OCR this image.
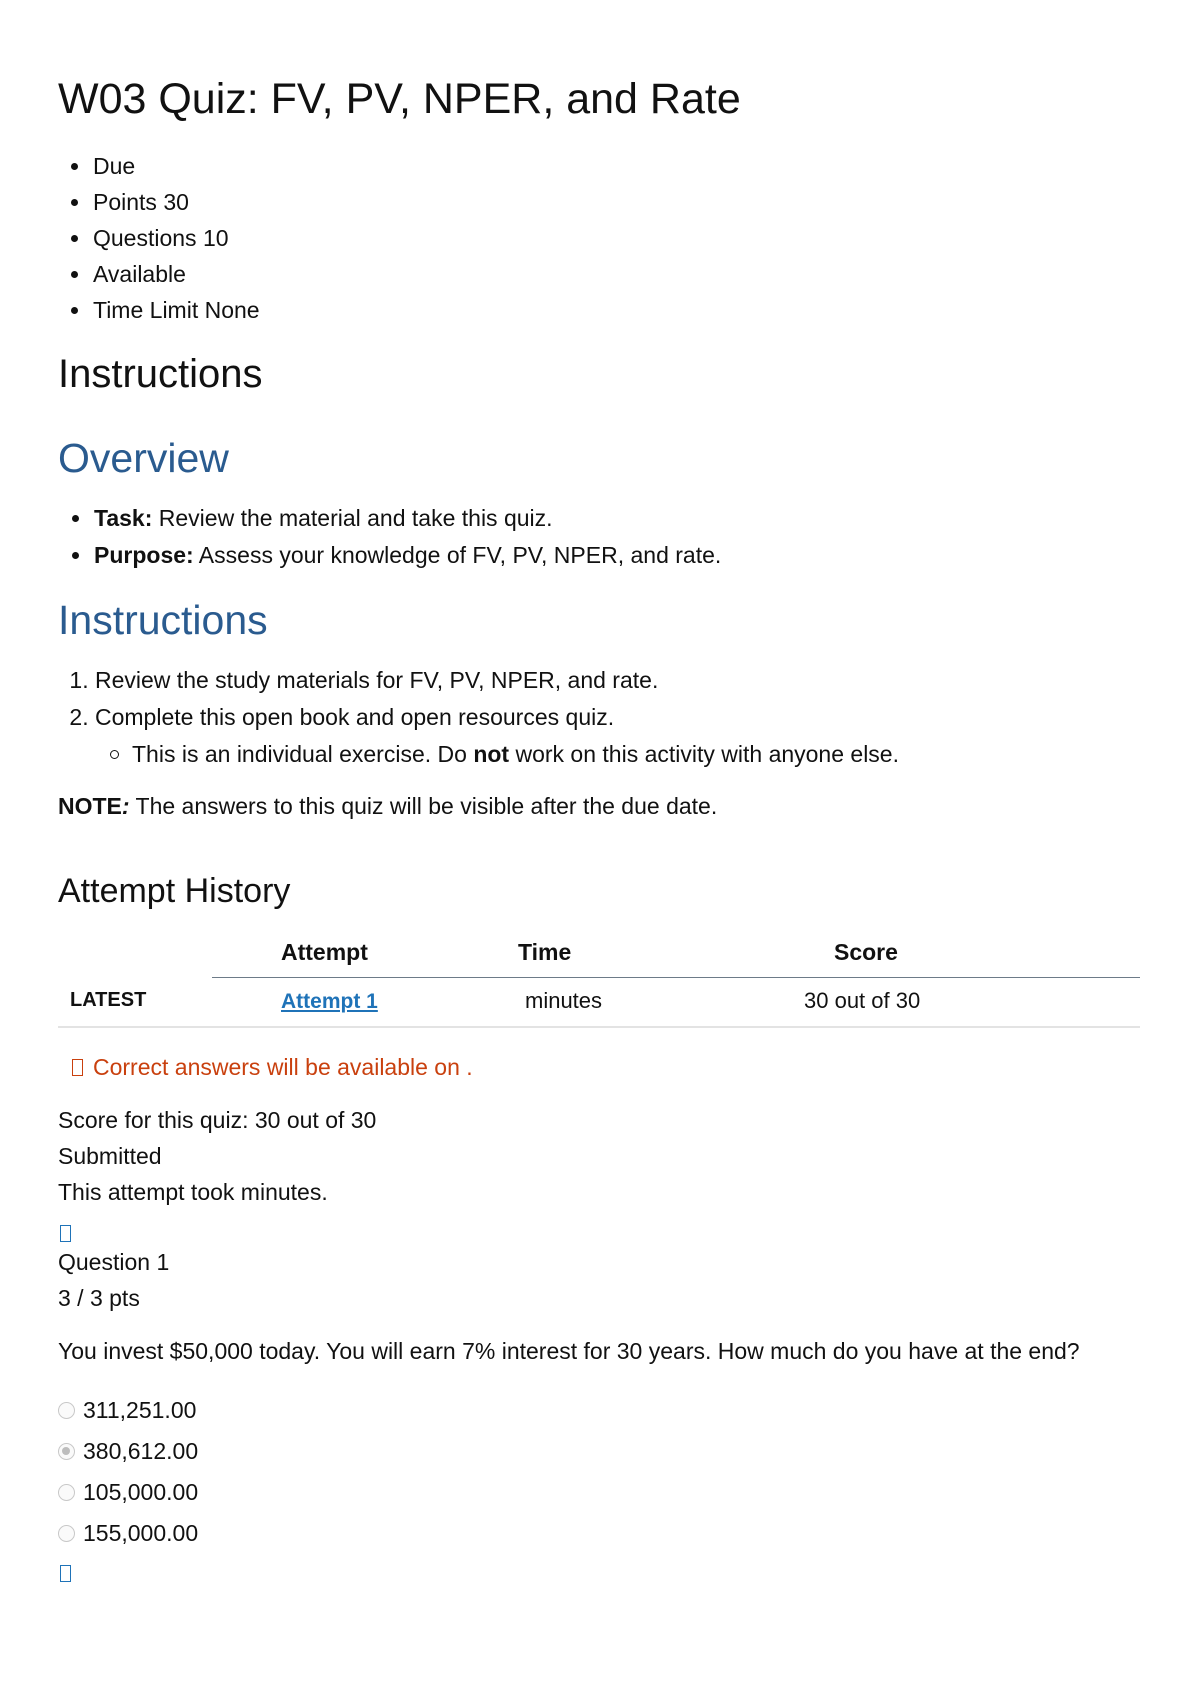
W03 Quiz: FV, PV, NPER, and Rate
Due
Points 30
Questions 10
Available
Time Limit None
Instructions
Overview
Task: Review the material and take this quiz.
Purpose: Assess your knowledge of FV, PV, NPER, and rate.
Instructions
1. Review the study materials for FV, PV, NPER, and rate.
2. Complete this open book and open resources quiz.
This is an individual exercise. Do not work on this activity with anyone else.
NOTE: The answers to this quiz will be visible after the due date.
Attempt History
	Attempt	Time	Score
LATEST	Attempt 1	minutes	30 out of 30
Correct answers will be available on .
Score for this quiz: 30 out of 30
Submitted
This attempt took minutes.
Question 1
3 / 3 pts
You invest $50,000 today. You will earn 7% interest for 30 years. How much do you have at the end?
311,251.00
380,612.00
105,000.00
155,000.00
